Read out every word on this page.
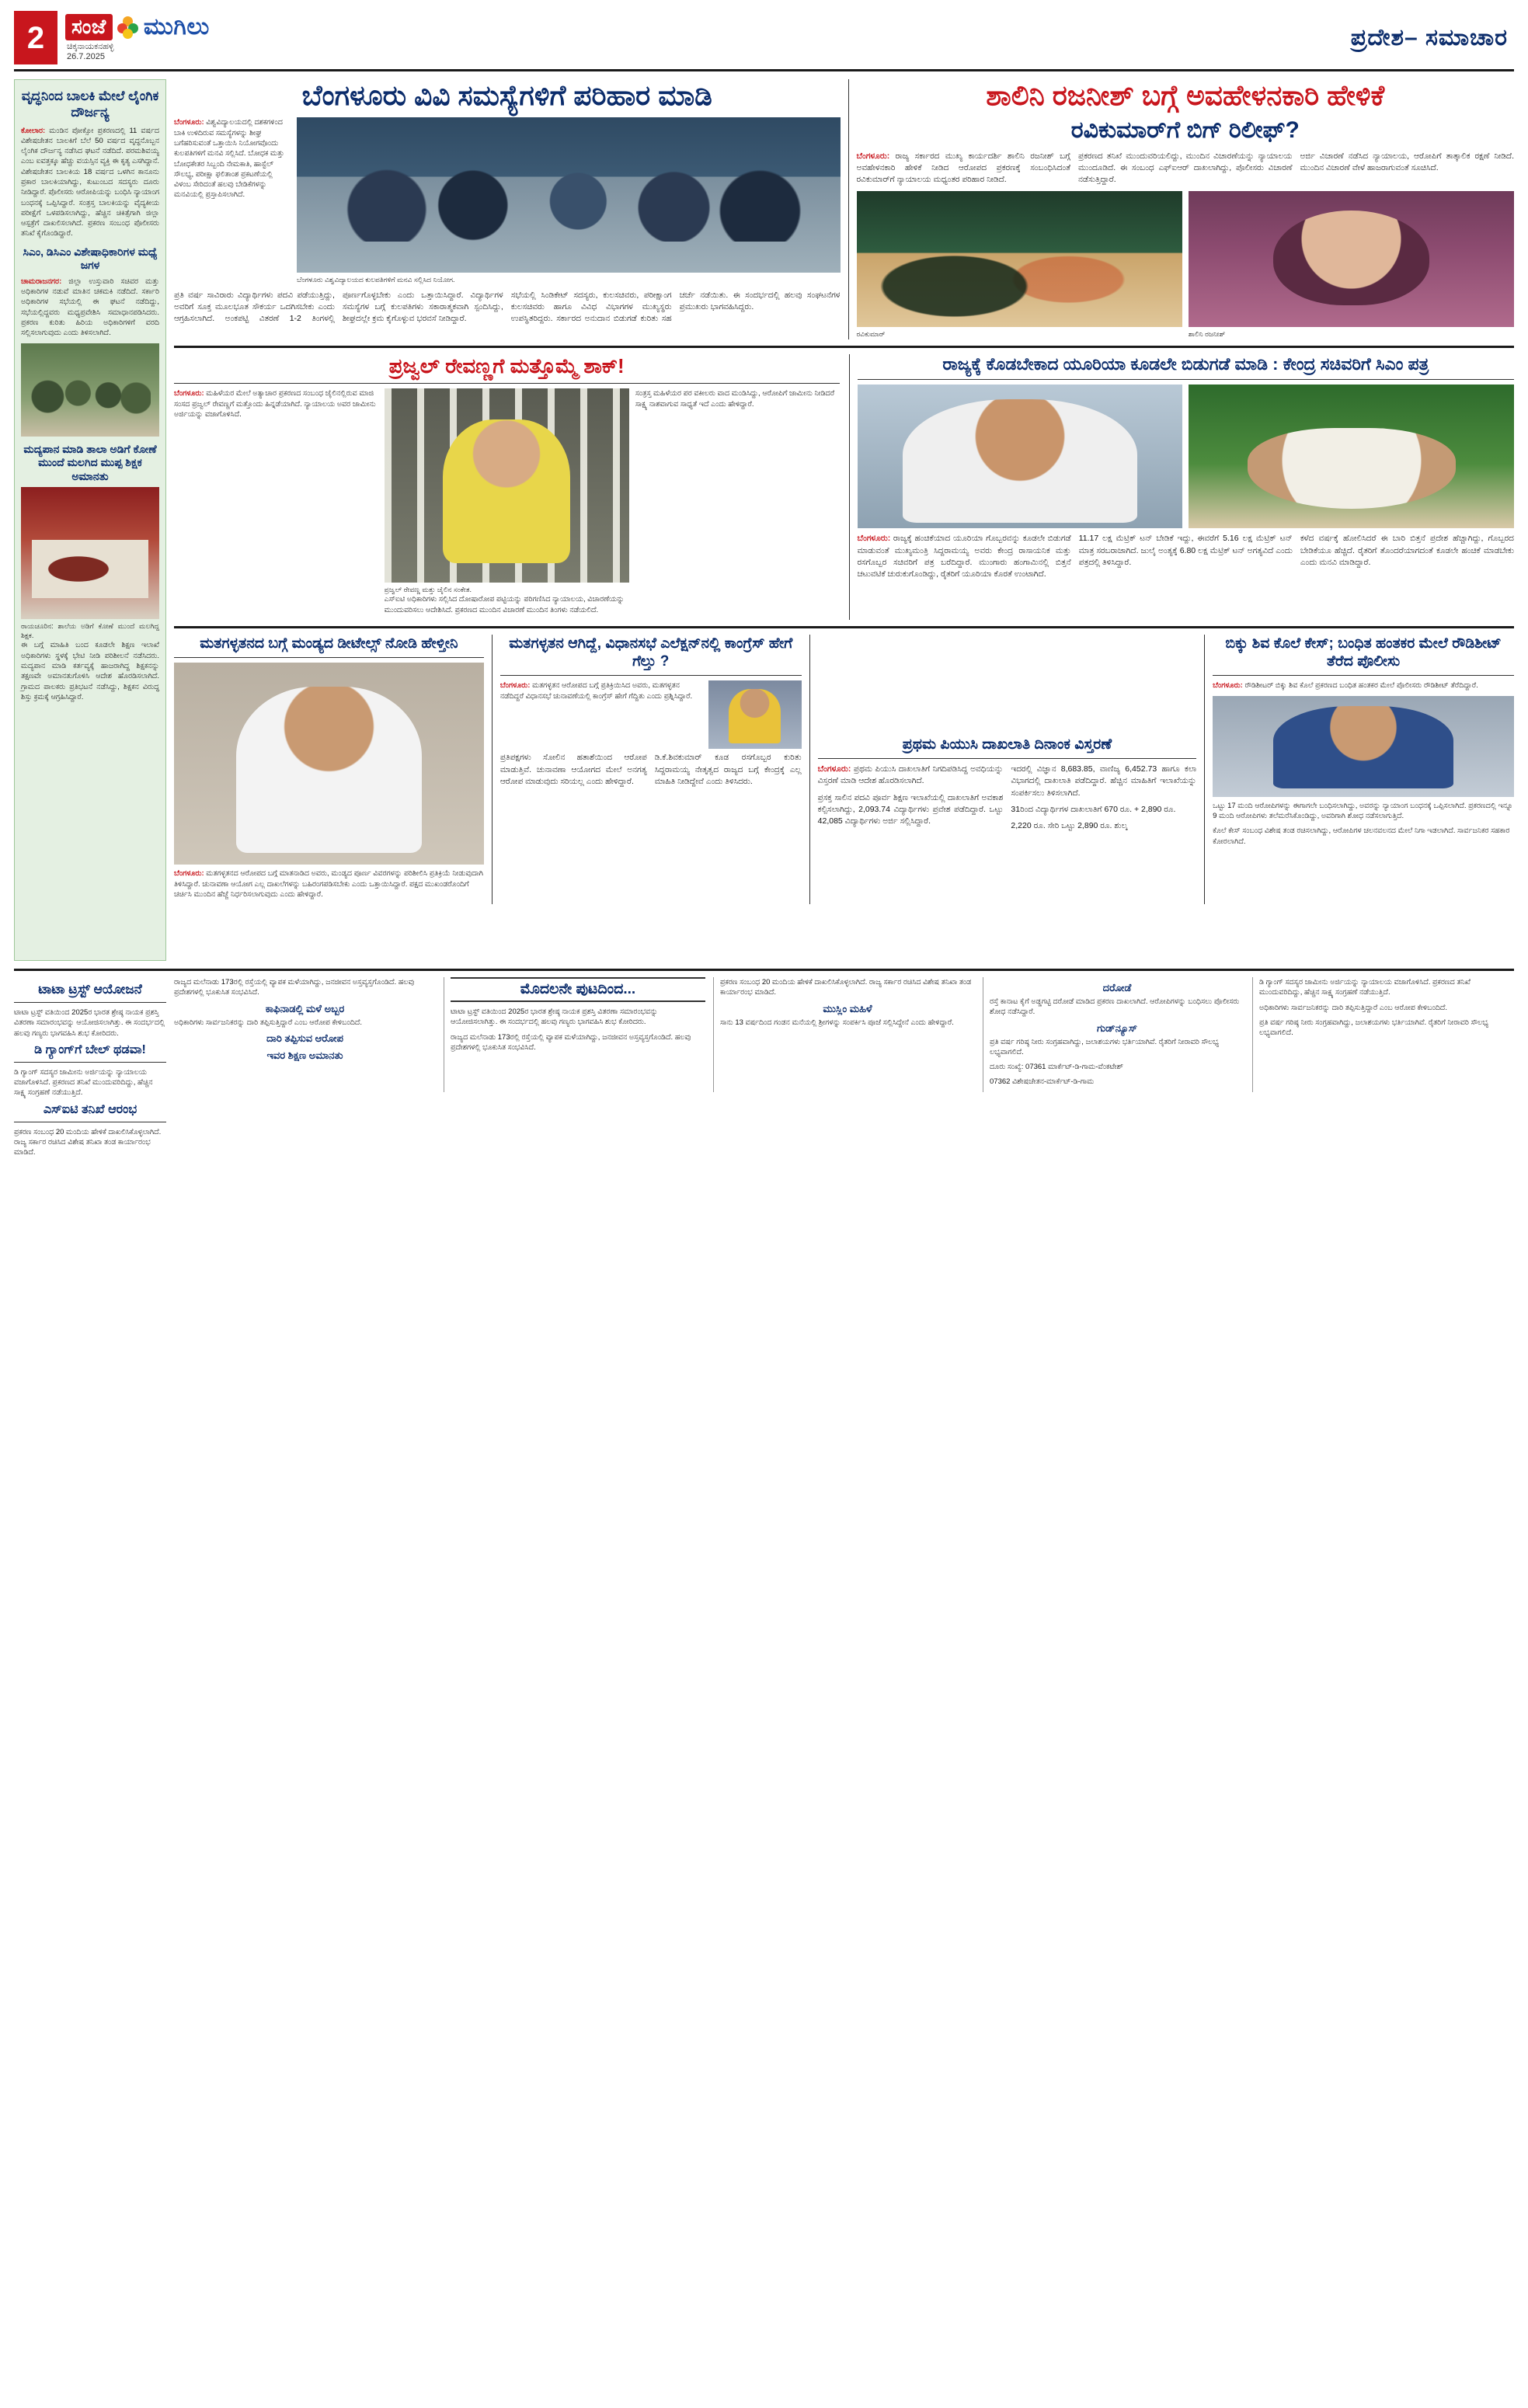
2	ಸಂಜೆ ಮುಗಿಲು
ಚಿಕ್ಕನಾಯಕನಹಳ್ಳಿ
26.7.2025
ಪ್ರದೇಶ– ಸಮಾಚಾರ
ವೃದ್ಧನಿಂದ ಬಾಲಕಿ ಮೇಲೆ ಲೈಂಗಿಕ ದೌರ್ಜನ್ಯ

ಕೋಲಾರ: ಮಂಡಿನ ಪೋಕ್ಸೋ ಪ್ರಕರಣದಲ್ಲಿ 11 ವರ್ಷದ ವಿಶೇಷಚೇತನ ಬಾಲಕಿಗೆ ಬೆಲೆ 50 ವರ್ಷದ ವೃದ್ಧನೊಬ್ಬನ ಲೈಂಗಿಕ ದೌರ್ಜನ್ಯ ನಡೆಸಿದ ಘಟನೆ ನಡೆದಿದೆ. ಪರಮಶಿವಯ್ಯ ಎಂಬ ಐವತ್ತಕ್ಕೂ ಹೆಚ್ಚು ವಯಸ್ಸಿನ ವ್ಯಕ್ತಿ ಈ ಕೃತ್ಯ ಎಸಗಿದ್ದಾನೆ. ವಿಶೇಷಚೇತನ ಬಾಲಕಿಯ 18 ವರ್ಷದ ಒಳಗಿನ ಕಾನೂನು ಪ್ರಕಾರ ಬಾಲಕಿಯಾಗಿದ್ದು, ಕುಟುಂಬದ ಸದಸ್ಯರು ದೂರು ನೀಡಿದ್ದಾರೆ. ಪೊಲೀಸರು ಆರೋಪಿಯನ್ನು ಬಂಧಿಸಿ ನ್ಯಾಯಾಂಗ ಬಂಧನಕ್ಕೆ ಒಪ್ಪಿಸಿದ್ದಾರೆ. ಸಂತ್ರಸ್ತ ಬಾಲಕಿಯನ್ನು ವೈದ್ಯಕೀಯ ಪರೀಕ್ಷೆಗೆ ಒಳಪಡಿಸಲಾಗಿದ್ದು, ಹೆಚ್ಚಿನ ಚಿಕಿತ್ಸೆಗಾಗಿ ಜಿಲ್ಲಾ ಆಸ್ಪತ್ರೆಗೆ ದಾಖಲಿಸಲಾಗಿದೆ. ಪ್ರಕರಣ ಸಂಬಂಧ ಪೊಲೀಸರು ತನಿಖೆ ಕೈಗೊಂಡಿದ್ದಾರೆ.

ಸಿಎಂ, ಡಿಸಿಎಂ ವಿಶೇಷಾಧಿಕಾರಿಗಳ ಮಧ್ಯೆ ಜಗಳ

ಚಾಮರಾಜನಗರ: ಜಿಲ್ಲಾ ಉಸ್ತುವಾರಿ ಸಚಿವರ ಮತ್ತು ಅಧಿಕಾರಿಗಳ ನಡುವೆ ಮಾತಿನ ಚಕಮಕಿ ನಡೆದಿದೆ. ಸರ್ಕಾರಿ ಅಧಿಕಾರಿಗಳ ಸಭೆಯಲ್ಲಿ ಈ ಘಟನೆ ನಡೆದಿದ್ದು, ಸಭೆಯಲ್ಲಿದ್ದವರು ಮಧ್ಯಪ್ರವೇಶಿಸಿ ಸಮಾಧಾನಪಡಿಸಿದರು. ಪ್ರಕರಣ ಕುರಿತು ಹಿರಿಯ ಅಧಿಕಾರಿಗಳಿಗೆ ವರದಿ ಸಲ್ಲಿಸಲಾಗುವುದು ಎಂದು ತಿಳಿಸಲಾಗಿದೆ.

ಮದ್ಯಪಾನ ಮಾಡಿ ತಾಲಾ ಅಡಿಗೆ ಕೋಣೆ ಮುಂದೆ ಮಲಗಿದ ಮುಪ್ಪ ಶಿಕ್ಷಕ ಅಮಾನತು
ರಾಯಚೂರಿನ: ಶಾಲೆಯ ಅಡಿಗೆ ಕೋಣೆ ಮುಂದೆ ಮಲಗಿದ್ದ ಶಿಕ್ಷಕ.

ಈ ಬಗ್ಗೆ ಮಾಹಿತಿ ಬಂದ ಕೂಡಲೇ ಶಿಕ್ಷಣ ಇಲಾಖೆ ಅಧಿಕಾರಿಗಳು ಸ್ಥಳಕ್ಕೆ ಭೇಟಿ ನೀಡಿ ಪರಿಶೀಲನೆ ನಡೆಸಿದರು. ಮದ್ಯಪಾನ ಮಾಡಿ ಕರ್ತವ್ಯಕ್ಕೆ ಹಾಜರಾಗಿದ್ದ ಶಿಕ್ಷಕನನ್ನು ತಕ್ಷಣವೇ ಅಮಾನತುಗೊಳಿಸಿ ಆದೇಶ ಹೊರಡಿಸಲಾಗಿದೆ. ಗ್ರಾಮದ ಪಾಲಕರು ಪ್ರತಿಭಟನೆ ನಡೆಸಿದ್ದು, ಶಿಕ್ಷಕನ ವಿರುದ್ಧ ಶಿಸ್ತು ಕ್ರಮಕ್ಕೆ ಆಗ್ರಹಿಸಿದ್ದಾರೆ.

ಬೆಂಗಳೂರು ವಿವಿ ಸಮಸ್ಯೆಗಳಿಗೆ ಪರಿಹಾರ ಮಾಡಿ

ಬೆಂಗಳೂರು: ವಿಶ್ವವಿದ್ಯಾಲಯದಲ್ಲಿ ದಶಕಗಳಿಂದ ಬಾಕಿ ಉಳಿದಿರುವ ಸಮಸ್ಯೆಗಳನ್ನು ಶೀಘ್ರ ಬಗೆಹರಿಸುವಂತೆ ಒತ್ತಾಯಿಸಿ ನಿಯೋಗವೊಂದು ಕುಲಪತಿಗಳಿಗೆ ಮನವಿ ಸಲ್ಲಿಸಿದೆ. ಬೋಧಕ ಮತ್ತು ಬೋಧಕೇತರ ಸಿಬ್ಬಂದಿ ನೇಮಕಾತಿ, ಹಾಸ್ಟೆಲ್ ಸೌಲಭ್ಯ, ಪರೀಕ್ಷಾ ಫಲಿತಾಂಶ ಪ್ರಕಟಣೆಯಲ್ಲಿ ವಿಳಂಬ ಸೇರಿದಂತೆ ಹಲವು ಬೇಡಿಕೆಗಳನ್ನು ಮನವಿಯಲ್ಲಿ ಪ್ರಸ್ತಾಪಿಸಲಾಗಿದೆ.

ಬೆಂಗಳೂರು ವಿಶ್ವವಿದ್ಯಾಲಯದ ಕುಲಪತಿಗಳಿಗೆ ಮನವಿ ಸಲ್ಲಿಸಿದ ನಿಯೋಗ.

ಪ್ರತಿ ವರ್ಷ ಸಾವಿರಾರು ವಿದ್ಯಾರ್ಥಿಗಳು ಪದವಿ ಪಡೆಯುತ್ತಿದ್ದು, ಅವರಿಗೆ ಸೂಕ್ತ ಮೂಲಭೂತ ಸೌಕರ್ಯ ಒದಗಿಸಬೇಕು ಎಂದು ಆಗ್ರಹಿಸಲಾಗಿದೆ. ಅಂಕಪಟ್ಟಿ ವಿತರಣೆ 1-2 ತಿಂಗಳಲ್ಲಿ ಪೂರ್ಣಗೊಳ್ಳಬೇಕು ಎಂದು ಒತ್ತಾಯಿಸಿದ್ದಾರೆ. ವಿದ್ಯಾರ್ಥಿಗಳ ಸಮಸ್ಯೆಗಳ ಬಗ್ಗೆ ಕುಲಪತಿಗಳು ಸಕಾರಾತ್ಮಕವಾಗಿ ಸ್ಪಂದಿಸಿದ್ದು, ಶೀಘ್ರದಲ್ಲೇ ಕ್ರಮ ಕೈಗೊಳ್ಳುವ ಭರವಸೆ ನೀಡಿದ್ದಾರೆ.

ಸಭೆಯಲ್ಲಿ ಸಿಂಡಿಕೇಟ್ ಸದಸ್ಯರು, ಕುಲಸಚಿವರು, ಪರೀಕ್ಷಾಂಗ ಕುಲಸಚಿವರು ಹಾಗೂ ವಿವಿಧ ವಿಭಾಗಗಳ ಮುಖ್ಯಸ್ಥರು ಉಪಸ್ಥಿತರಿದ್ದರು. ಸರ್ಕಾರದ ಅನುದಾನ ಬಿಡುಗಡೆ ಕುರಿತು ಸಹ ಚರ್ಚೆ ನಡೆಯಿತು. ಈ ಸಂದರ್ಭದಲ್ಲಿ ಹಲವು ಸಂಘಟನೆಗಳ ಪ್ರಮುಖರು ಭಾಗವಹಿಸಿದ್ದರು.

ಶಾಲಿನಿ ರಜನೀಶ್ ಬಗ್ಗೆ ಅವಹೇಳನಕಾರಿ ಹೇಳಿಕೆ
ರವಿಕುಮಾರ್‌ಗೆ ಬಿಗ್ ರಿಲೀಫ್?

ಬೆಂಗಳೂರು: ರಾಜ್ಯ ಸರ್ಕಾರದ ಮುಖ್ಯ ಕಾರ್ಯದರ್ಶಿ ಶಾಲಿನಿ ರಜನೀಶ್ ಬಗ್ಗೆ ಅವಹೇಳನಕಾರಿ ಹೇಳಿಕೆ ನೀಡಿದ ಆರೋಪದ ಪ್ರಕರಣಕ್ಕೆ ಸಂಬಂಧಿಸಿದಂತೆ ರವಿಕುಮಾರ್‌ಗೆ ನ್ಯಾಯಾಲಯ ಮಧ್ಯಂತರ ಪರಿಹಾರ ನೀಡಿದೆ.

ಪ್ರಕರಣದ ತನಿಖೆ ಮುಂದುವರಿಯಲಿದ್ದು, ಮುಂದಿನ ವಿಚಾರಣೆಯನ್ನು ನ್ಯಾಯಾಲಯ ಮುಂದೂಡಿದೆ. ಈ ಸಂಬಂಧ ಎಫ್‌ಐಆರ್ ದಾಖಲಾಗಿದ್ದು, ಪೊಲೀಸರು ವಿಚಾರಣೆ ನಡೆಸುತ್ತಿದ್ದಾರೆ.

ಅರ್ಜಿ ವಿಚಾರಣೆ ನಡೆಸಿದ ನ್ಯಾಯಾಲಯ, ಆರೋಪಿಗೆ ತಾತ್ಕಾಲಿಕ ರಕ್ಷಣೆ ನೀಡಿದೆ. ಮುಂದಿನ ವಿಚಾರಣೆ ವೇಳೆ ಹಾಜರಾಗುವಂತೆ ಸೂಚಿಸಿದೆ.

ರವಿಕುಮಾರ್	ಶಾಲಿನಿ ರಜನೀಶ್
ಪ್ರಜ್ವಲ್ ರೇವಣ್ಣಗೆ ಮತ್ತೊಮ್ಮೆ ಶಾಕ್!

ಬೆಂಗಳೂರು: ಮಹಿಳೆಯರ ಮೇಲೆ ಅತ್ಯಾಚಾರ ಪ್ರಕರಣದ ಸಂಬಂಧ ಜೈಲಿನಲ್ಲಿರುವ ಮಾಜಿ ಸಂಸದ ಪ್ರಜ್ವಲ್ ರೇವಣ್ಣಗೆ ಮತ್ತೊಂದು ಹಿನ್ನಡೆಯಾಗಿದೆ. ನ್ಯಾಯಾಲಯ ಅವರ ಜಾಮೀನು ಅರ್ಜಿಯನ್ನು ವಜಾಗೊಳಿಸಿದೆ.

ಪ್ರಜ್ವಲ್ ರೇವಣ್ಣ ಮತ್ತು ಜೈಲಿನ ಸಂಕೇತ.

ಎಸ್‌ಐಟಿ ಅಧಿಕಾರಿಗಳು ಸಲ್ಲಿಸಿದ ದೋಷಾರೋಪ ಪಟ್ಟಿಯನ್ನು ಪರಿಗಣಿಸಿದ ನ್ಯಾಯಾಲಯ, ವಿಚಾರಣೆಯನ್ನು ಮುಂದುವರಿಸಲು ಆದೇಶಿಸಿದೆ. ಪ್ರಕರಣದ ಮುಂದಿನ ವಿಚಾರಣೆ ಮುಂದಿನ ತಿಂಗಳು ನಡೆಯಲಿದೆ.

ಸಂತ್ರಸ್ತ ಮಹಿಳೆಯರ ಪರ ವಕೀಲರು ವಾದ ಮಂಡಿಸಿದ್ದು, ಆರೋಪಿಗೆ ಜಾಮೀನು ನೀಡಿದರೆ ಸಾಕ್ಷ್ಯ ನಾಶವಾಗುವ ಸಾಧ್ಯತೆ ಇದೆ ಎಂದು ಹೇಳಿದ್ದಾರೆ.

ರಾಜ್ಯಕ್ಕೆ ಕೊಡಬೇಕಾದ ಯೂರಿಯಾ ಕೂಡಲೇ ಬಿಡುಗಡೆ ಮಾಡಿ : ಕೇಂದ್ರ ಸಚಿವರಿಗೆ ಸಿಎಂ ಪತ್ರ

ಬೆಂಗಳೂರು: ರಾಜ್ಯಕ್ಕೆ ಹಂಚಿಕೆಯಾದ ಯೂರಿಯಾ ಗೊಬ್ಬರವನ್ನು ಕೂಡಲೇ ಬಿಡುಗಡೆ ಮಾಡುವಂತೆ ಮುಖ್ಯಮಂತ್ರಿ ಸಿದ್ದರಾಮಯ್ಯ ಅವರು ಕೇಂದ್ರ ರಾಸಾಯನಿಕ ಮತ್ತು ರಸಗೊಬ್ಬರ ಸಚಿವರಿಗೆ ಪತ್ರ ಬರೆದಿದ್ದಾರೆ. ಮುಂಗಾರು ಹಂಗಾಮಿನಲ್ಲಿ ಬಿತ್ತನೆ ಚಟುವಟಿಕೆ ಚುರುಕುಗೊಂಡಿದ್ದು, ರೈತರಿಗೆ ಯೂರಿಯಾ ಕೊರತೆ ಉಂಟಾಗಿದೆ.

11.17 ಲಕ್ಷ ಮೆಟ್ರಿಕ್ ಟನ್ ಬೇಡಿಕೆ ಇದ್ದು, ಈವರೆಗೆ 5.16 ಲಕ್ಷ ಮೆಟ್ರಿಕ್ ಟನ್ ಮಾತ್ರ ಸರಬರಾಜಾಗಿದೆ. ಜುಲೈ ಅಂತ್ಯಕ್ಕೆ 6.80 ಲಕ್ಷ ಮೆಟ್ರಿಕ್ ಟನ್ ಅಗತ್ಯವಿದೆ ಎಂದು ಪತ್ರದಲ್ಲಿ ತಿಳಿಸಿದ್ದಾರೆ.

ಕಳೆದ ವರ್ಷಕ್ಕೆ ಹೋಲಿಸಿದರೆ ಈ ಬಾರಿ ಬಿತ್ತನೆ ಪ್ರದೇಶ ಹೆಚ್ಚಾಗಿದ್ದು, ಗೊಬ್ಬರದ ಬೇಡಿಕೆಯೂ ಹೆಚ್ಚಿದೆ. ರೈತರಿಗೆ ತೊಂದರೆಯಾಗದಂತೆ ಕೂಡಲೇ ಹಂಚಿಕೆ ಮಾಡಬೇಕು ಎಂದು ಮನವಿ ಮಾಡಿದ್ದಾರೆ.

ಮತಗಳ್ಳತನದ ಬಗ್ಗೆ ಮಂಡ್ಯದ ಡೀಟೇಲ್ಸ್ ನೋಡಿ ಹೇಳ್ತೀನಿ

ಬೆಂಗಳೂರು: ಮತಗಳ್ಳತನದ ಆರೋಪದ ಬಗ್ಗೆ ಮಾತನಾಡಿದ ಅವರು, ಮಂಡ್ಯದ ಪೂರ್ಣ ವಿವರಗಳನ್ನು ಪರಿಶೀಲಿಸಿ ಪ್ರತಿಕ್ರಿಯೆ ನೀಡುವುದಾಗಿ ತಿಳಿಸಿದ್ದಾರೆ. ಚುನಾವಣಾ ಆಯೋಗ ಎಲ್ಲ ದಾಖಲೆಗಳನ್ನು ಬಹಿರಂಗಪಡಿಸಬೇಕು ಎಂದು ಒತ್ತಾಯಿಸಿದ್ದಾರೆ. ಪಕ್ಷದ ಮುಖಂಡರೊಂದಿಗೆ ಚರ್ಚಿಸಿ ಮುಂದಿನ ಹೆಜ್ಜೆ ನಿರ್ಧರಿಸಲಾಗುವುದು ಎಂದು ಹೇಳಿದ್ದಾರೆ.

ಮತಗಳ್ಳತನ ಆಗಿದ್ದೆ, ವಿಧಾನಸಭೆ ಎಲೆಕ್ಷನ್‌ನಲ್ಲಿ ಕಾಂಗ್ರೆಸ್ ಹೇಗೆ ಗೆಲ್ತು ?

ಬೆಂಗಳೂರು: ಮತಗಳ್ಳತನ ಆರೋಪದ ಬಗ್ಗೆ ಪ್ರತಿಕ್ರಿಯಿಸಿದ ಅವರು, ಮತಗಳ್ಳತನ ನಡೆದಿದ್ದರೆ ವಿಧಾನಸಭೆ ಚುನಾವಣೆಯಲ್ಲಿ ಕಾಂಗ್ರೆಸ್ ಹೇಗೆ ಗೆದ್ದಿತು ಎಂದು ಪ್ರಶ್ನಿಸಿದ್ದಾರೆ.

ಪ್ರತಿಪಕ್ಷಗಳು ಸೋಲಿನ ಹತಾಶೆಯಿಂದ ಆರೋಪ ಮಾಡುತ್ತಿವೆ. ಚುನಾವಣಾ ಆಯೋಗದ ಮೇಲೆ ಅನಗತ್ಯ ಆರೋಪ ಮಾಡುವುದು ಸರಿಯಲ್ಲ ಎಂದು ಹೇಳಿದ್ದಾರೆ.

ಡಿ.ಕೆ.ಶಿವಕುಮಾರ್ ಕೂಡ ರಸಗೊಬ್ಬರ ಕುರಿತು ಸಿದ್ದರಾಮಯ್ಯ ನೇತೃತ್ವದ ರಾಜ್ಯದ ಬಗ್ಗೆ ಕೇಂದ್ರಕ್ಕೆ ಎಲ್ಲ ಮಾಹಿತಿ ನೀಡಿದ್ದೇವೆ ಎಂದು ತಿಳಿಸಿದರು.

ಪ್ರಥಮ ಪಿಯುಸಿ ದಾಖಲಾತಿ ದಿನಾಂಕ ವಿಸ್ತರಣೆ

ಬೆಂಗಳೂರು: ಪ್ರಥಮ ಪಿಯುಸಿ ದಾಖಲಾತಿಗೆ ನಿಗದಿಪಡಿಸಿದ್ದ ಅವಧಿಯನ್ನು ವಿಸ್ತರಣೆ ಮಾಡಿ ಆದೇಶ ಹೊರಡಿಸಲಾಗಿದೆ.

ಪ್ರಸಕ್ತ ಸಾಲಿನ ಪದವಿ ಪೂರ್ವ ಶಿಕ್ಷಣ ಇಲಾಖೆಯಲ್ಲಿ ದಾಖಲಾತಿಗೆ ಅವಕಾಶ ಕಲ್ಪಿಸಲಾಗಿದ್ದು, 2,093.74 ವಿದ್ಯಾರ್ಥಿಗಳು ಪ್ರವೇಶ ಪಡೆದಿದ್ದಾರೆ. ಒಟ್ಟು 42,085 ವಿದ್ಯಾರ್ಥಿಗಳು ಅರ್ಜಿ ಸಲ್ಲಿಸಿದ್ದಾರೆ.

ಇದರಲ್ಲಿ ವಿಜ್ಞಾನ 8,683.85, ವಾಣಿಜ್ಯ 6,452.73 ಹಾಗೂ ಕಲಾ ವಿಭಾಗದಲ್ಲಿ ದಾಖಲಾತಿ ಪಡೆದಿದ್ದಾರೆ. ಹೆಚ್ಚಿನ ಮಾಹಿತಿಗೆ ಇಲಾಖೆಯನ್ನು ಸಂಪರ್ಕಿಸಲು ತಿಳಿಸಲಾಗಿದೆ.

31ರಿಂದ ವಿದ್ಯಾರ್ಥಿಗಳ ದಾಖಲಾತಿಗೆ 670 ರೂ. + 2,890 ರೂ.

2,220 ರೂ. ಸೇರಿ ಒಟ್ಟು 2,890 ರೂ. ಶುಲ್ಕ

ಬಿಕ್ಕು ಶಿವ ಕೊಲೆ ಕೇಸ್; ಬಂಧಿತ ಹಂತಕರ ಮೇಲೆ ರೌಡಿಶೀಟ್ ತೆರೆದ ಪೊಲೀಸು

ಬೆಂಗಳೂರು: ರೌಡಿಶೀಟರ್ ಬಿಕ್ಕು ಶಿವ ಕೊಲೆ ಪ್ರಕರಣದ ಬಂಧಿತ ಹಂತಕರ ಮೇಲೆ ಪೊಲೀಸರು ರೌಡಿಶೀಟ್ ತೆರೆದಿದ್ದಾರೆ.

ಒಟ್ಟು 17 ಮಂದಿ ಆರೋಪಿಗಳನ್ನು ಈಗಾಗಲೇ ಬಂಧಿಸಲಾಗಿದ್ದು, ಅವರನ್ನು ನ್ಯಾಯಾಂಗ ಬಂಧನಕ್ಕೆ ಒಪ್ಪಿಸಲಾಗಿದೆ. ಪ್ರಕರಣದಲ್ಲಿ ಇನ್ನೂ 9 ಮಂದಿ ಆರೋಪಿಗಳು ತಲೆಮರೆಸಿಕೊಂಡಿದ್ದು, ಅವರಿಗಾಗಿ ಶೋಧ ನಡೆಸಲಾಗುತ್ತಿದೆ.

ಕೊಲೆ ಕೇಸ್ ಸಂಬಂಧ ವಿಶೇಷ ತಂಡ ರಚಿಸಲಾಗಿದ್ದು, ಆರೋಪಿಗಳ ಚಲನವಲನದ ಮೇಲೆ ನಿಗಾ ಇಡಲಾಗಿದೆ. ಸಾರ್ವಜನಿಕರ ಸಹಕಾರ ಕೋರಲಾಗಿದೆ.

ಟಾಟಾ ಟ್ರಸ್ಟ್ ಆಯೋಜನೆ

ಟಾಟಾ ಟ್ರಸ್ಟ್ ವತಿಯಿಂದ 2025ರ ಭಾರತ ಶ್ರೇಷ್ಠ ನಾಯಕ ಪ್ರಶಸ್ತಿ ವಿತರಣಾ ಸಮಾರಂಭವನ್ನು ಆಯೋಜಿಸಲಾಗಿತ್ತು. ಈ ಸಂದರ್ಭದಲ್ಲಿ ಹಲವು ಗಣ್ಯರು ಭಾಗವಹಿಸಿ ಶುಭ ಕೋರಿದರು.

ಡಿ ಗ್ಯಾಂಗ್‌ಗೆ ಬೇಲ್ ಥಡವಾ!

ಡಿ ಗ್ಯಾಂಗ್ ಸದಸ್ಯರ ಜಾಮೀನು ಅರ್ಜಿಯನ್ನು ನ್ಯಾಯಾಲಯ ವಜಾಗೊಳಿಸಿದೆ. ಪ್ರಕರಣದ ತನಿಖೆ ಮುಂದುವರಿದಿದ್ದು, ಹೆಚ್ಚಿನ ಸಾಕ್ಷ್ಯ ಸಂಗ್ರಹಣೆ ನಡೆಯುತ್ತಿದೆ.

ಎಸ್‌ಐಟಿ ತನಿಖೆ ಆರಂಭ

ಪ್ರಕರಣ ಸಂಬಂಧ 20 ಮಂದಿಯ ಹೇಳಿಕೆ ದಾಖಲಿಸಿಕೊಳ್ಳಲಾಗಿದೆ. ರಾಜ್ಯ ಸರ್ಕಾರ ರಚಿಸಿದ ವಿಶೇಷ ತನಿಖಾ ತಂಡ ಕಾರ್ಯಾರಂಭ ಮಾಡಿದೆ.

ರಾಜ್ಯದ ಮಲೆನಾಡು 173ರಲ್ಲಿ ರಸ್ತೆಯಲ್ಲಿ ವ್ಯಾಪಕ ಮಳೆಯಾಗಿದ್ದು, ಜನಜೀವನ ಅಸ್ತವ್ಯಸ್ತಗೊಂಡಿದೆ. ಹಲವು ಪ್ರದೇಶಗಳಲ್ಲಿ ಭೂಕುಸಿತ ಸಂಭವಿಸಿದೆ.

ಕಾಫಿನಾಡಲ್ಲಿ ಮಳೆ ಅಬ್ಬರ

ಅಧಿಕಾರಿಗಳು ಸಾರ್ವಜನಿಕರನ್ನು ದಾರಿ ತಪ್ಪಿಸುತ್ತಿದ್ದಾರೆ ಎಂಬ ಆರೋಪ ಕೇಳಿಬಂದಿದೆ.

ದಾರಿ ತಪ್ಪಿಸುವ ಆರೋಪ
ಇವರ ಶಿಕ್ಷಣ ಅಮಾನತು
ಮೊದಲನೇ ಪುಟದಿಂದ...

ಟಾಟಾ ಟ್ರಸ್ಟ್ ವತಿಯಿಂದ 2025ರ ಭಾರತ ಶ್ರೇಷ್ಠ ನಾಯಕ ಪ್ರಶಸ್ತಿ ವಿತರಣಾ ಸಮಾರಂಭವನ್ನು ಆಯೋಜಿಸಲಾಗಿತ್ತು. ಈ ಸಂದರ್ಭದಲ್ಲಿ ಹಲವು ಗಣ್ಯರು ಭಾಗವಹಿಸಿ ಶುಭ ಕೋರಿದರು.

ರಾಜ್ಯದ ಮಲೆನಾಡು 173ರಲ್ಲಿ ರಸ್ತೆಯಲ್ಲಿ ವ್ಯಾಪಕ ಮಳೆಯಾಗಿದ್ದು, ಜನಜೀವನ ಅಸ್ತವ್ಯಸ್ತಗೊಂಡಿದೆ. ಹಲವು ಪ್ರದೇಶಗಳಲ್ಲಿ ಭೂಕುಸಿತ ಸಂಭವಿಸಿದೆ.

ಪ್ರಕರಣ ಸಂಬಂಧ 20 ಮಂದಿಯ ಹೇಳಿಕೆ ದಾಖಲಿಸಿಕೊಳ್ಳಲಾಗಿದೆ. ರಾಜ್ಯ ಸರ್ಕಾರ ರಚಿಸಿದ ವಿಶೇಷ ತನಿಖಾ ತಂಡ ಕಾರ್ಯಾರಂಭ ಮಾಡಿದೆ.

ಮುಸ್ಲಿಂ ಮಹಿಳೆ

ಸಾನು 13 ವರ್ಷದಿಂದ ಗಂಡನ ಮನೆಯಲ್ಲಿ ಶ್ರೀಗಳನ್ನು ಸಂಪರ್ಕಿಸಿ ಪೂಜೆ ಸಲ್ಲಿಸಿದ್ದೇನೆ ಎಂದು ಹೇಳಿದ್ದಾರೆ.

ದರೋಡೆ

ರಸ್ತೆ ಕಾನಾಟ ಕೈಗೆ ಅಡ್ಡಗಟ್ಟಿ ದರೋಡೆ ಮಾಡಿದ ಪ್ರಕರಣ ದಾಖಲಾಗಿದೆ. ಆರೋಪಿಗಳನ್ನು ಬಂಧಿಸಲು ಪೊಲೀಸರು ಶೋಧ ನಡೆಸಿದ್ದಾರೆ.

ಗುಡ್‌ನ್ಯೂಸ್

ಪ್ರತಿ ವರ್ಷ ಗರಿಷ್ಠ ನೀರು ಸಂಗ್ರಹವಾಗಿದ್ದು, ಜಲಾಶಯಗಳು ಭರ್ತಿಯಾಗಿವೆ. ರೈತರಿಗೆ ನೀರಾವರಿ ಸೌಲಭ್ಯ ಲಭ್ಯವಾಗಲಿದೆ.

ದೂರು ಸಂಖ್ಯೆ: 07361 ಮಾರ್ಕೆಟ್-ಡಿ-ಗಾಮ-ವೆಂಕಟೇಶ್

07362 ವಿಶೇಷಚೇತನ-ಮಾರ್ಕೆಟ್-ಡಿ-ಗಾಮ

ಡಿ ಗ್ಯಾಂಗ್ ಸದಸ್ಯರ ಜಾಮೀನು ಅರ್ಜಿಯನ್ನು ನ್ಯಾಯಾಲಯ ವಜಾಗೊಳಿಸಿದೆ. ಪ್ರಕರಣದ ತನಿಖೆ ಮುಂದುವರಿದಿದ್ದು, ಹೆಚ್ಚಿನ ಸಾಕ್ಷ್ಯ ಸಂಗ್ರಹಣೆ ನಡೆಯುತ್ತಿದೆ.

ಅಧಿಕಾರಿಗಳು ಸಾರ್ವಜನಿಕರನ್ನು ದಾರಿ ತಪ್ಪಿಸುತ್ತಿದ್ದಾರೆ ಎಂಬ ಆರೋಪ ಕೇಳಿಬಂದಿದೆ.

ಪ್ರತಿ ವರ್ಷ ಗರಿಷ್ಠ ನೀರು ಸಂಗ್ರಹವಾಗಿದ್ದು, ಜಲಾಶಯಗಳು ಭರ್ತಿಯಾಗಿವೆ. ರೈತರಿಗೆ ನೀರಾವರಿ ಸೌಲಭ್ಯ ಲಭ್ಯವಾಗಲಿದೆ.
